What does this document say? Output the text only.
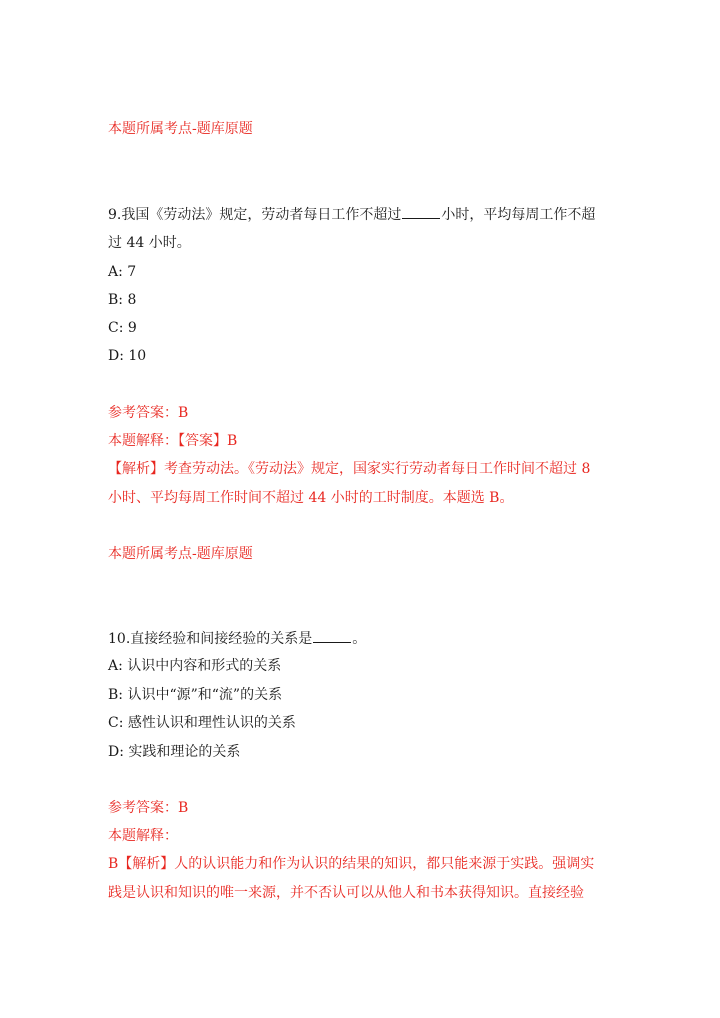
本题所属考点-题库原题
9.我国《劳动法》规定，劳动者每日工作不超过	小时，平均每周工作不超
过 44 小时。
A: 7
B: 8
C: 9
D: 10
参考答案：B
本题解释：【答案】B
【解析】考查劳动法。《劳动法》规定，国家实行劳动者每日工作时间不超过 8
小时、平均每周工作时间不超过 44 小时的工时制度。本题选 B。
本题所属考点-题库原题
10.直接经验和间接经验的关系是	。
A: 认识中内容和形式的关系
B: 认识中“源”和“流”的关系
C: 感性认识和理性认识的关系
D: 实践和理论的关系
参考答案：B
本题解释：
B【解析】人的认识能力和作为认识的结果的知识，都只能来源于实践。强调实
践是认识和知识的唯一来源，并不否认可以从他人和书本获得知识。直接经验
